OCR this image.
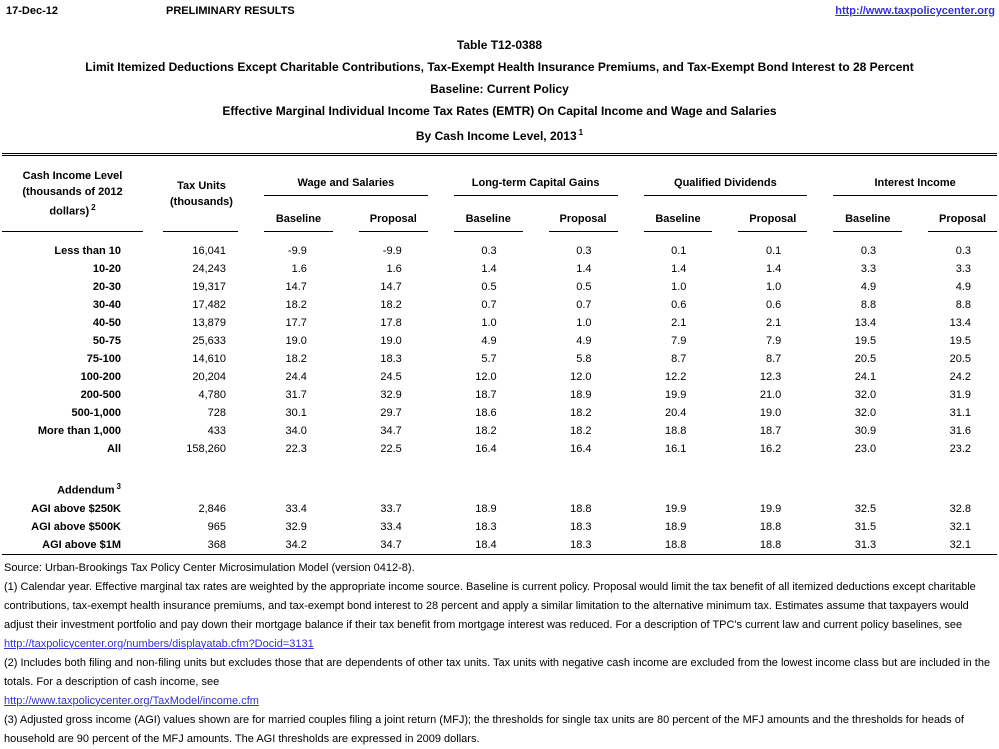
17-Dec-12	PRELIMINARY RESULTS	http://www.taxpolicycenter.org
Table T12-0388
Limit Itemized Deductions Except Charitable Contributions, Tax-Exempt Health Insurance Premiums, and Tax-Exempt Bond Interest to 28 Percent
Baseline: Current Policy
Effective Marginal Individual Income Tax Rates (EMTR) On Capital Income and Wage and Salaries
By Cash Income Level, 2013 $^1$
Cash Income Level
(thousands of 2012
dollars) $^2$

Tax Units
(thousands)

Wage and Salaries	Long-term Capital Gains	Qualified Dividends	Interest Income

		Baseline	Proposal	Baseline	Proposal	Baseline	Proposal	Baseline	Proposal

Less than 10	16,041	-9.9	-9.9	0.3	0.3	0.1	0.1	0.3	0.3
10-20	24,243	1.6	1.6	1.4	1.4	1.4	1.4	3.3	3.3
20-30	19,317	14.7	14.7	0.5	0.5	1.0	1.0	4.9	4.9
30-40	17,482	18.2	18.2	0.7	0.7	0.6	0.6	8.8	8.8
40-50	13,879	17.7	17.8	1.0	1.0	2.1	2.1	13.4	13.4
50-75	25,633	19.0	19.0	4.9	4.9	7.9	7.9	19.5	19.5
75-100	14,610	18.2	18.3	5.7	5.8	8.7	8.7	20.5	20.5
100-200	20,204	24.4	24.5	12.0	12.0	12.2	12.3	24.1	24.2
200-500	4,780	31.7	32.9	18.7	18.9	19.9	21.0	32.0	31.9
500-1,000	728	30.1	29.7	18.6	18.2	20.4	19.0	32.0	31.1
More than 1,000	433	34.0	34.7	18.2	18.2	18.8	18.7	30.9	31.6
All	158,260	22.3	22.5	16.4	16.4	16.1	16.2	23.0	23.2
Addendum $^3$									
AGI above $250K	2,846	33.4	33.7	18.9	18.8	19.9	19.9	32.5	32.8
AGI above $500K	965	32.9	33.4	18.3	18.3	18.9	18.8	31.5	32.1
AGI above $1M	368	34.2	34.7	18.4	18.3	18.8	18.8	31.3	32.1

Source: Urban-Brookings Tax Policy Center Microsimulation Model (version 0412-8).

(1) Calendar year. Effective marginal tax rates are weighted by the appropriate income source. Baseline is current policy. Proposal would limit the tax benefit of all itemized deductions except charitable contributions, tax-exempt health insurance premiums, and tax-exempt bond interest to 28 percent and apply a similar limitation to the alternative minimum tax. Estimates assume that taxpayers would adjust their investment portfolio and pay down their mortgage balance if their tax benefit from mortgage interest was reduced. For a description of TPC's current law and current policy baselines, see

http://taxpolicycenter.org/numbers/displayatab.cfm?Docid=3131

(2) Includes both filing and non-filing units but excludes those that are dependents of other tax units. Tax units with negative cash income are excluded from the lowest income class but are included in the totals. For a description of cash income, see

http://www.taxpolicycenter.org/TaxModel/income.cfm

(3) Adjusted gross income (AGI) values shown are for married couples filing a joint return (MFJ); the thresholds for single tax units are 80 percent of the MFJ amounts and the thresholds for heads of household are 90 percent of the MFJ amounts. The AGI thresholds are expressed in 2009 dollars.
